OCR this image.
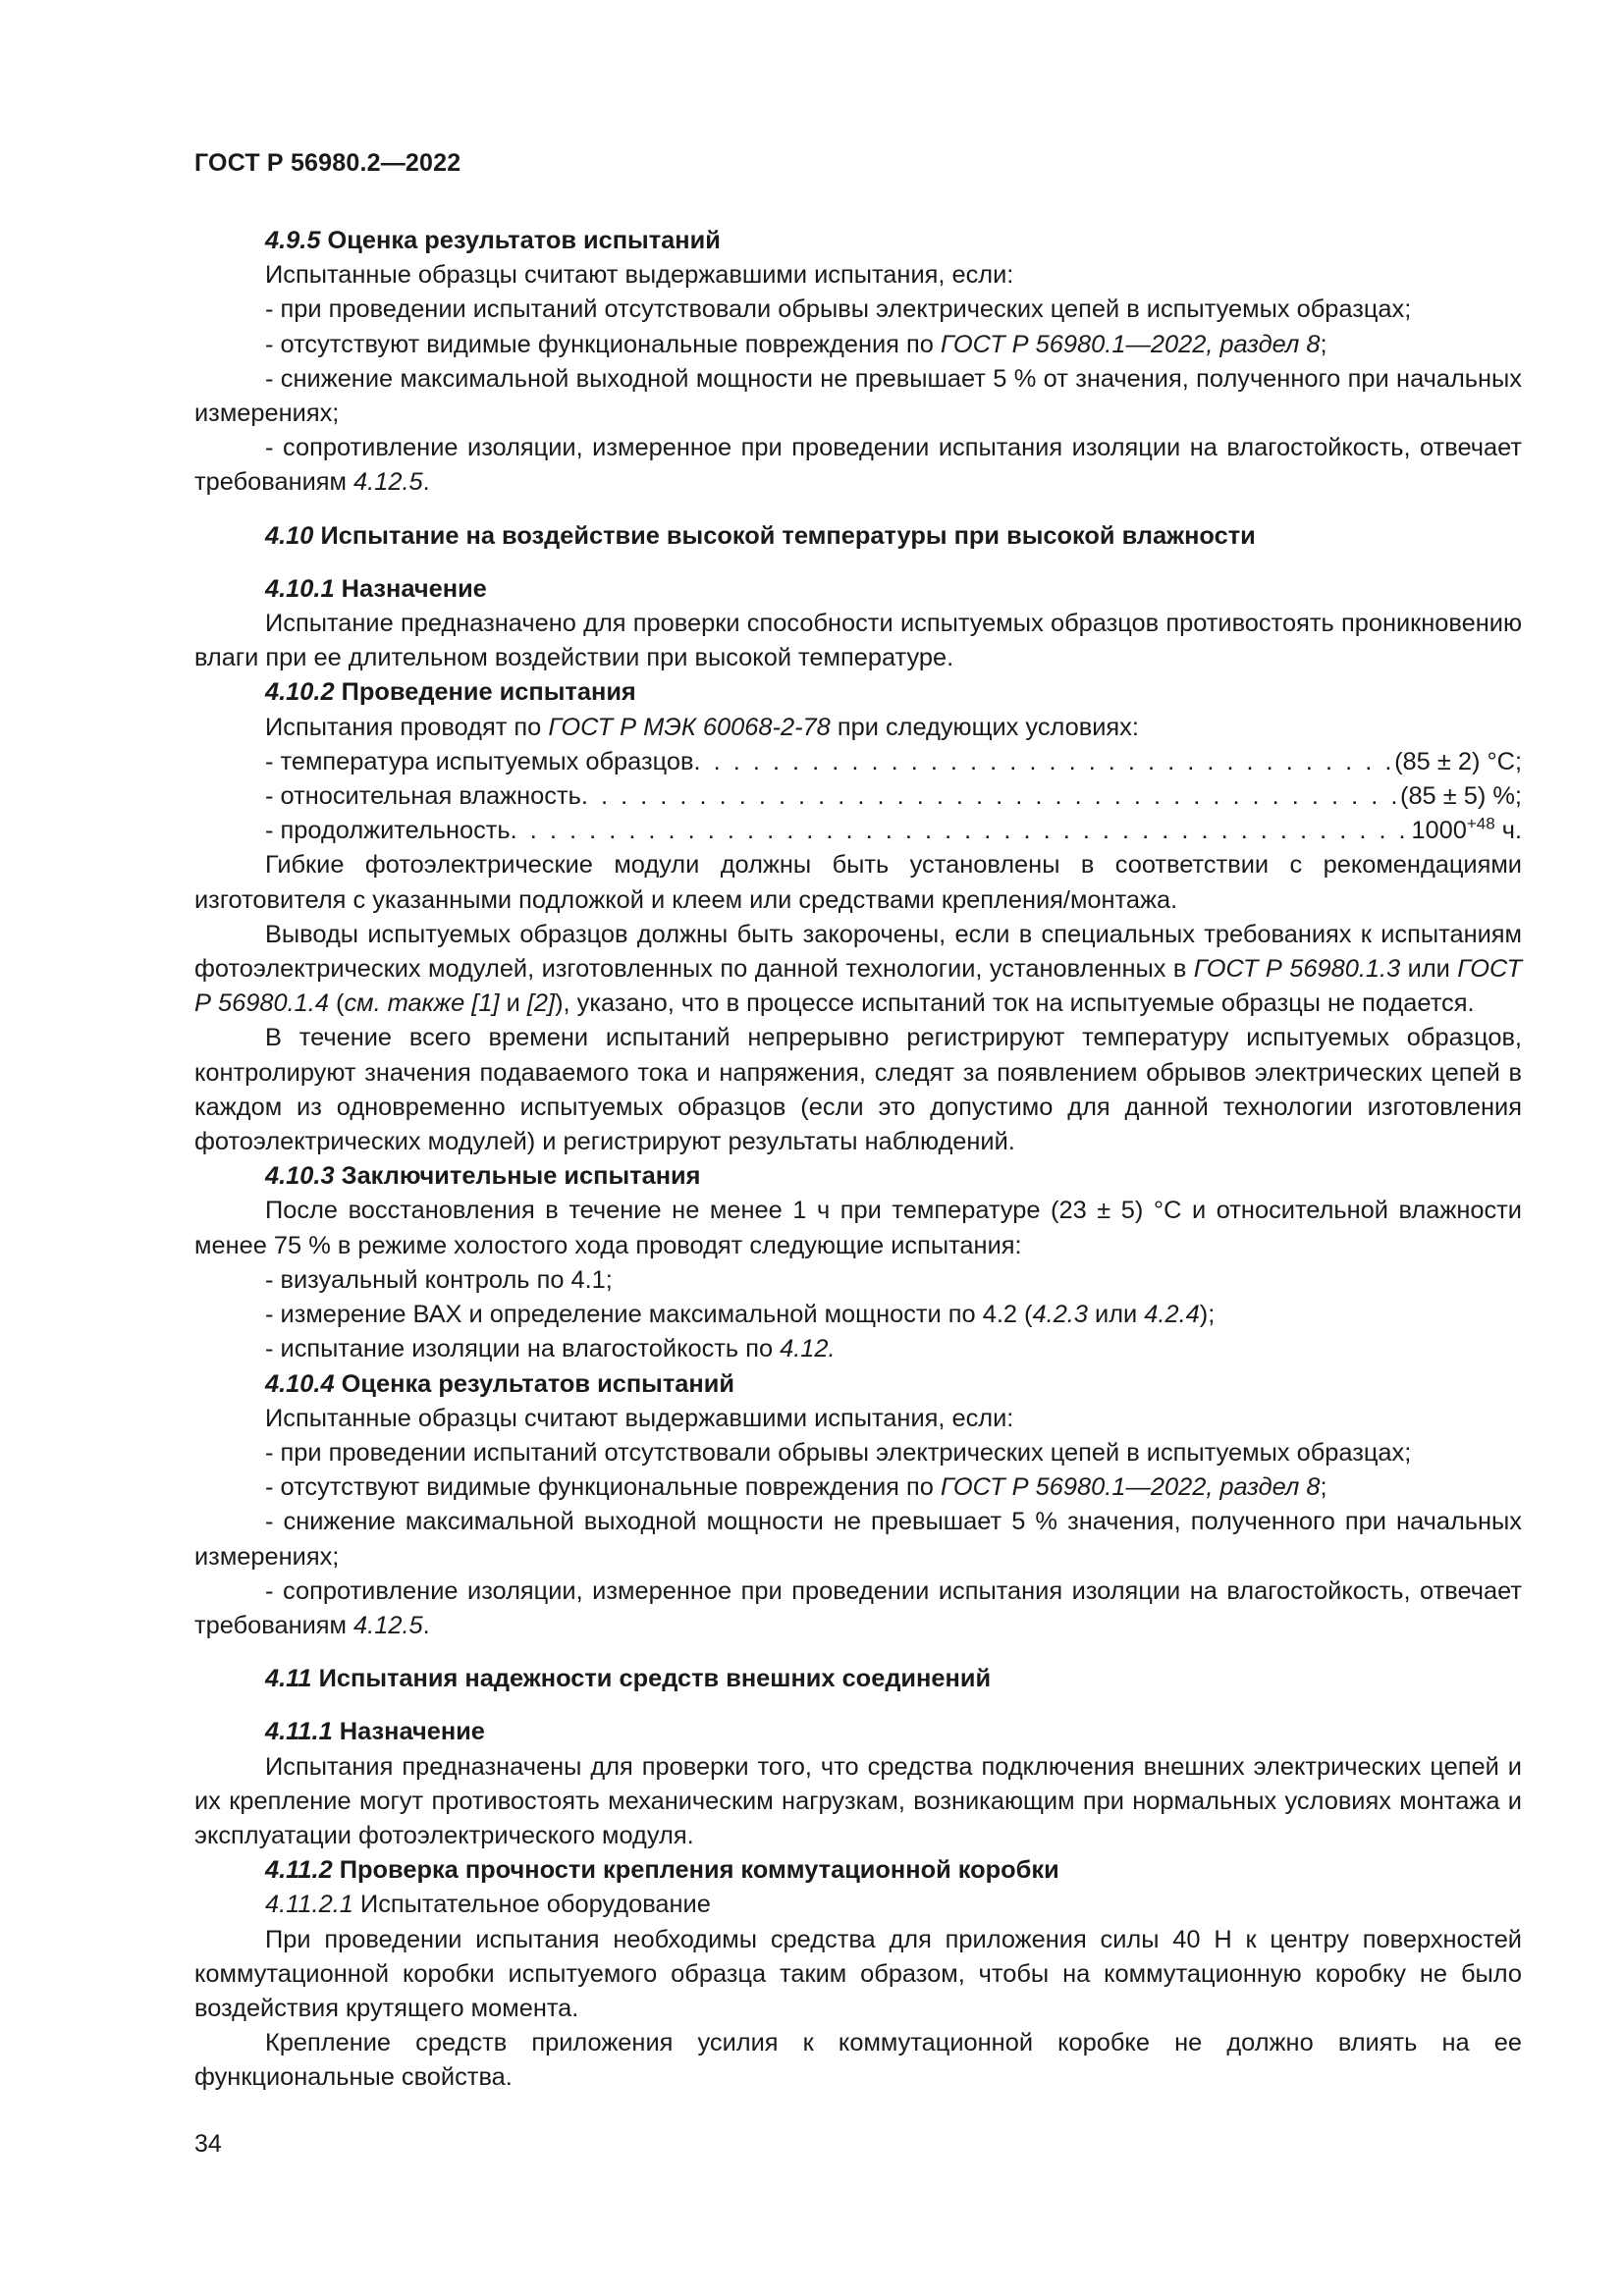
ГОСТ Р 56980.2—2022

4.9.5 Оценка результатов испытаний

Испытанные образцы считают выдержавшими испытания, если:

- при проведении испытаний отсутствовали обрывы электрических цепей в испытуемых образцах;

- отсутствуют видимые функциональные повреждения по ГОСТ Р 56980.1—2022, раздел 8;

- снижение максимальной выходной мощности не превышает 5 % от значения, полученного при начальных измерениях;

- сопротивление изоляции, измеренное при проведении испытания изоляции на влагостойкость, отвечает требованиям 4.12.5.

4.10 Испытание на воздействие высокой температуры при высокой влажности

4.10.1 Назначение

Испытание предназначено для проверки способности испытуемых образцов противостоять проникновению влаги при ее длительном воздействии при высокой температуре.

4.10.2 Проведение испытания

Испытания проводят по ГОСТ Р МЭК 60068-2-78 при следующих условиях:

- температура испытуемых образцов . . .	(85 ± 2) °С;
- относительная влажность . . .	(85 ± 5) %;
- продолжительность . . .	$1000^{+48}$ ч.

Гибкие фотоэлектрические модули должны быть установлены в соответствии с рекомендациями изготовителя с указанными подложкой и клеем или средствами крепления/монтажа.

Выводы испытуемых образцов должны быть закорочены, если в специальных требованиях к испытаниям фотоэлектрических модулей, изготовленных по данной технологии, установленных в ГОСТ Р 56980.1.3 или ГОСТ Р 56980.1.4 (см. также [1] и [2]), указано, что в процессе испытаний ток на испытуемые образцы не подается.

В течение всего времени испытаний непрерывно регистрируют температуру испытуемых образцов, контролируют значения подаваемого тока и напряжения, следят за появлением обрывов электрических цепей в каждом из одновременно испытуемых образцов (если это допустимо для данной технологии изготовления фотоэлектрических модулей) и регистрируют результаты наблюдений.

4.10.3 Заключительные испытания

После восстановления в течение не менее 1 ч при температуре (23 ± 5) °С и относительной влажности менее 75 % в режиме холостого хода проводят следующие испытания:

- визуальный контроль по 4.1;

- измерение ВАХ и определение максимальной мощности по 4.2 (4.2.3 или 4.2.4);

- испытание изоляции на влагостойкость по 4.12.

4.10.4 Оценка результатов испытаний

Испытанные образцы считают выдержавшими испытания, если:

- при проведении испытаний отсутствовали обрывы электрических цепей в испытуемых образцах;

- отсутствуют видимые функциональные повреждения по ГОСТ Р 56980.1—2022, раздел 8;

- снижение максимальной выходной мощности не превышает 5 % значения, полученного при начальных измерениях;

- сопротивление изоляции, измеренное при проведении испытания изоляции на влагостойкость, отвечает требованиям 4.12.5.

4.11 Испытания надежности средств внешних соединений

4.11.1 Назначение

Испытания предназначены для проверки того, что средства подключения внешних электрических цепей и их крепление могут противостоять механическим нагрузкам, возникающим при нормальных условиях монтажа и эксплуатации фотоэлектрического модуля.

4.11.2 Проверка прочности крепления коммутационной коробки

4.11.2.1 Испытательное оборудование

При проведении испытания необходимы средства для приложения силы 40 Н к центру поверхностей коммутационной коробки испытуемого образца таким образом, чтобы на коммутационную коробку не было воздействия крутящего момента.

Крепление средств приложения усилия к коммутационной коробке не должно влиять на ее функциональные свойства.

34
